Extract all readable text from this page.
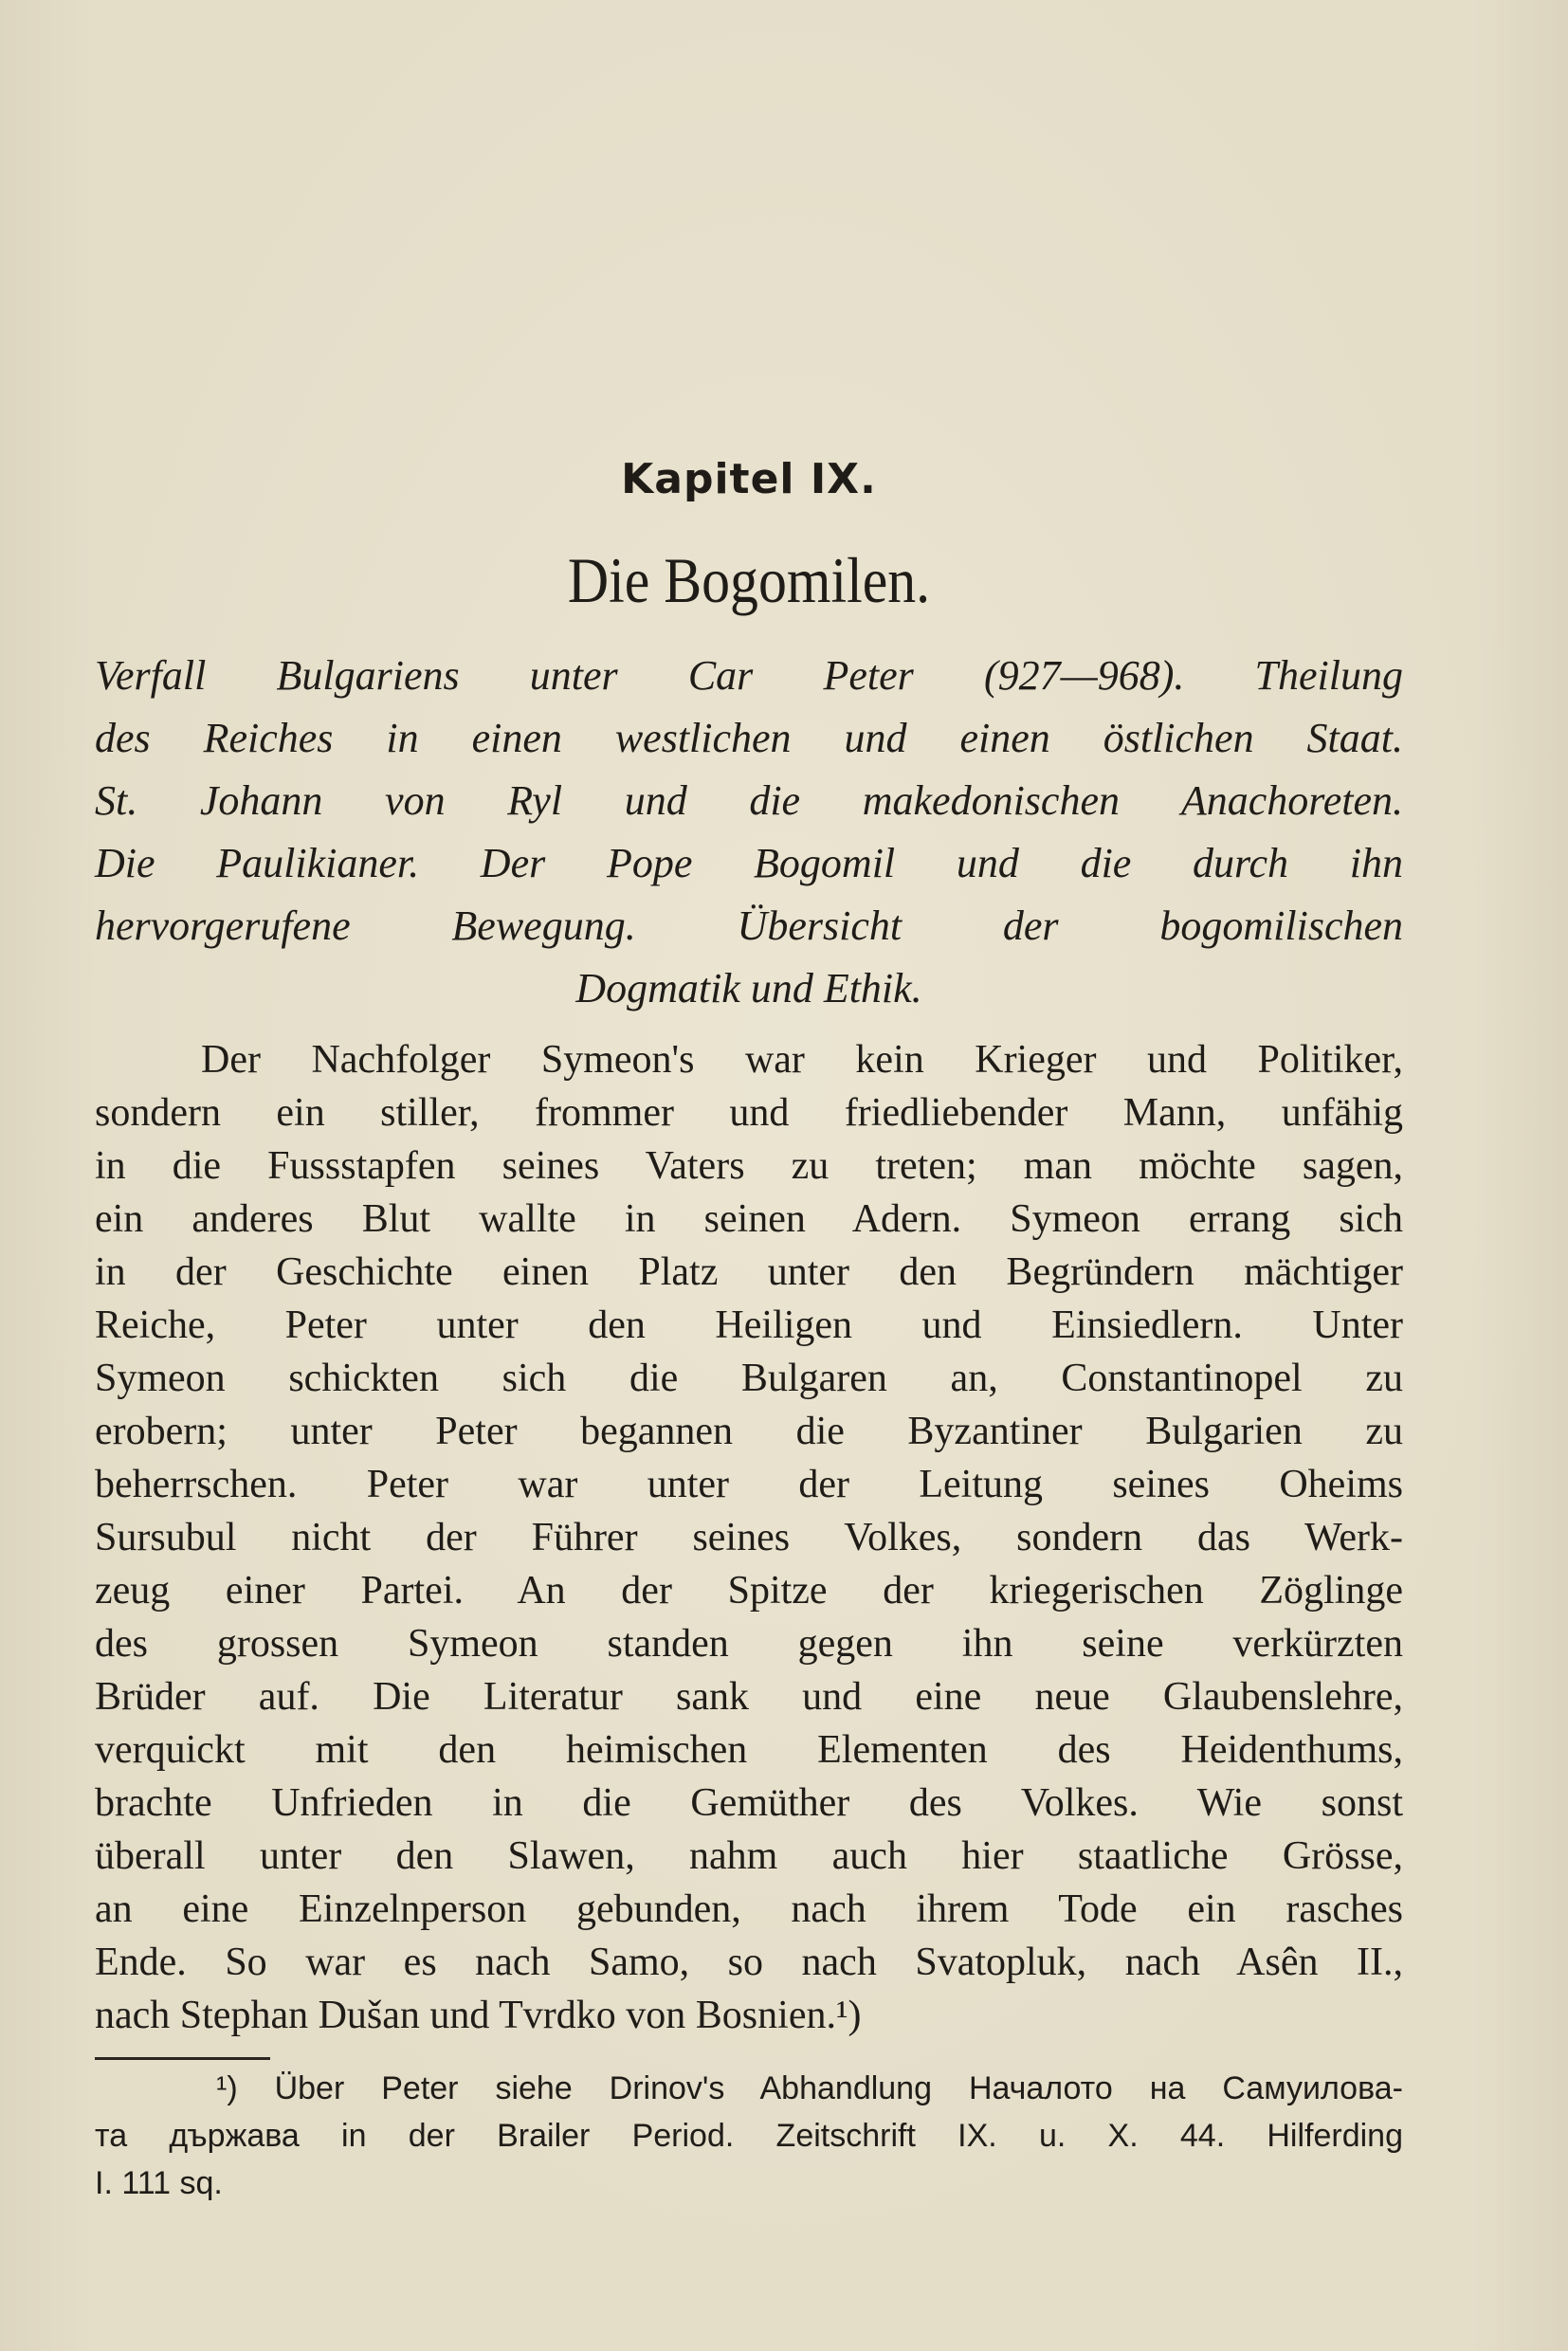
Kapitel IX.
Die Bogomilen.
Verfall Bulgariens unter Car Peter (927—968). Theilung
des Reiches in einen westlichen und einen östlichen Staat.
St. Johann von Ryl und die makedonischen Anachoreten.
Die Paulikianer. Der Pope Bogomil und die durch ihn
hervorgerufene Bewegung. Übersicht der bogomilischen
Dogmatik und Ethik.
Der Nachfolger Symeon's war kein Krieger und Politiker,
sondern ein stiller, frommer und friedliebender Mann, unfähig
in die Fussstapfen seines Vaters zu treten; man möchte sagen,
ein anderes Blut wallte in seinen Adern. Symeon errang sich
in der Geschichte einen Platz unter den Begründern mächtiger
Reiche, Peter unter den Heiligen und Einsiedlern. Unter
Symeon schickten sich die Bulgaren an, Constantinopel zu
erobern; unter Peter begannen die Byzantiner Bulgarien zu
beherrschen. Peter war unter der Leitung seines Oheims
Sursubul nicht der Führer seines Volkes, sondern das Werk-
zeug einer Partei. An der Spitze der kriegerischen Zöglinge
des grossen Symeon standen gegen ihn seine verkürzten
Brüder auf. Die Literatur sank und eine neue Glaubenslehre,
verquickt mit den heimischen Elementen des Heidenthums,
brachte Unfrieden in die Gemüther des Volkes. Wie sonst
überall unter den Slawen, nahm auch hier staatliche Grösse,
an eine Einzelnperson gebunden, nach ihrem Tode ein rasches
Ende. So war es nach Samo, so nach Svatopluk, nach Asên II.,
nach Stephan Dušan und Tvrdko von Bosnien.¹)
¹) Über Peter siehe Drinov's Abhandlung Началото на Самуилова-
та държава in der Brailer Period. Zeitschrift IX. u. X. 44. Hilferding
I. 111 sq.
